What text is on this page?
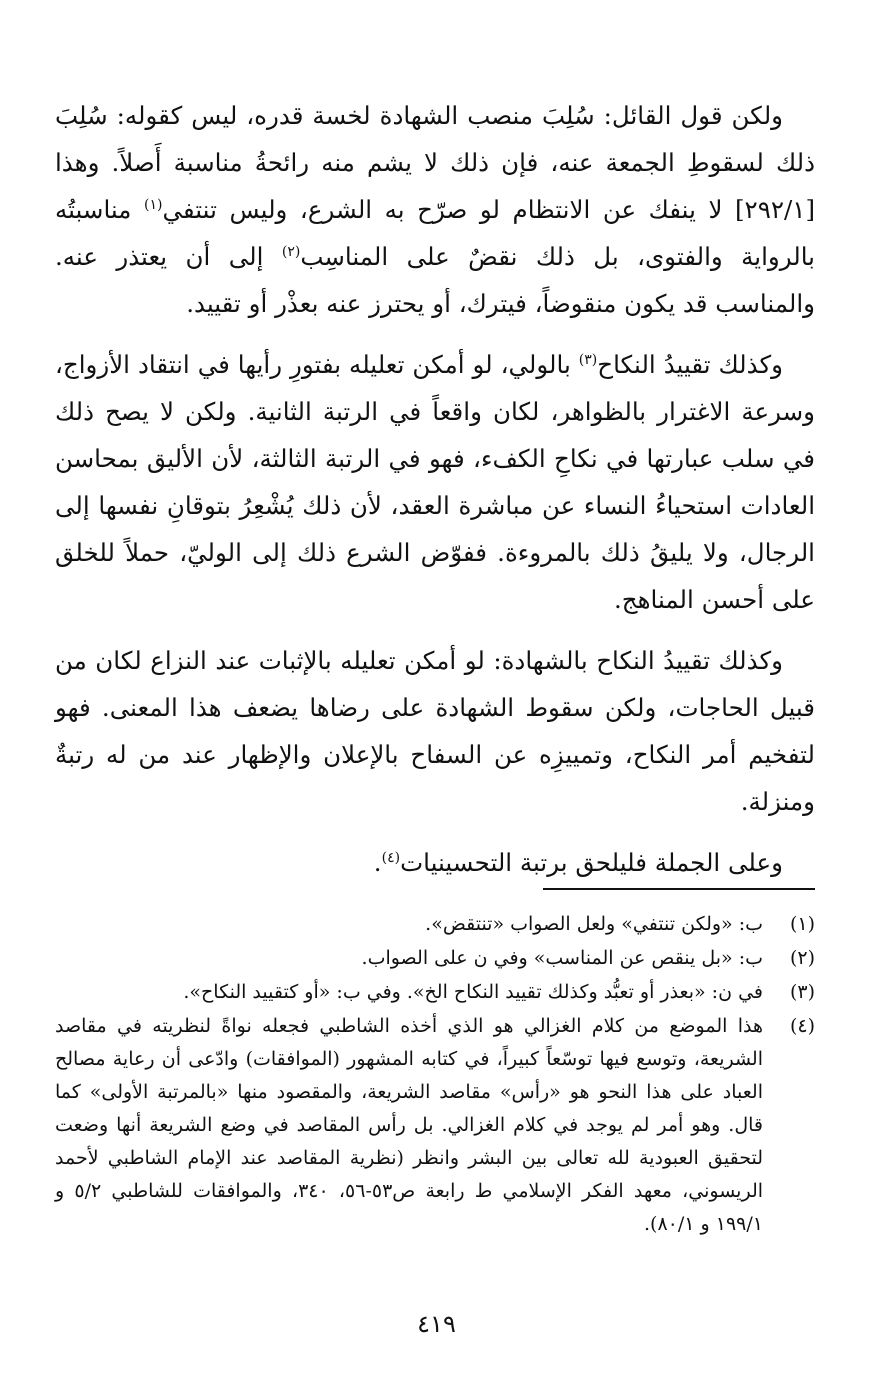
ولكن قول القائل: سُلِبَ منصب الشهادة لخسة قدره، ليس كقوله: سُلِبَ ذلك لسقوطِ الجمعة عنه، فإن ذلك لا يشم منه رائحةُ مناسبة أَصلاً. وهذا [٢٩٢/١] لا ينفك عن الانتظام لو صرّح به الشرع، وليس تنتفي$^{(١)}$ مناسبتُه بالرواية والفتوى، بل ذلك نقضٌ على المناسِب$^{(٢)}$ إلى أن يعتذر عنه. والمناسب قد يكون منقوضاً، فيترك، أو يحترز عنه بعذْر أو تقييد.

وكذلك تقييدُ النكاح$^{(٣)}$ بالولي، لو أمكن تعليله بفتورِ رأيها في انتقاد الأزواج، وسرعة الاغترار بالظواهر، لكان واقعاً في الرتبة الثانية. ولكن لا يصح ذلك في سلب عبارتها في نكاحِ الكفء، فهو في الرتبة الثالثة، لأن الأليق بمحاسن العادات استحياءُ النساء عن مباشرة العقد، لأن ذلك يُشْعِرُ بتوقانِ نفسها إلى الرجال، ولا يليقُ ذلك بالمروءة. ففوّض الشرع ذلك إلى الوليّ، حملاً للخلق على أحسن المناهج.

وكذلك تقييدُ النكاح بالشهادة: لو أمكن تعليله بالإثبات عند النزاع لكان من قبيل الحاجات، ولكن سقوط الشهادة على رضاها يضعف هذا المعنى. فهو لتفخيم أمر النكاح، وتمييزِه عن السفاح بالإعلان والإظهار عند من له رتبةٌ ومنزلة.

وعلى الجملة فليلحق برتبة التحسينيات$^{(٤)}$.

(١)
ب: «ولكن تنتفي» ولعل الصواب «تنتقض».
(٢)
ب: «بل ينقص عن المناسب» وفي ن على الصواب.
(٣)
في ن: «بعذر أو تعبُّد وكذلك تقييد النكاح الخ». وفي ب: «أو كتقييد النكاح».
(٤)
هذا الموضع من كلام الغزالي هو الذي أخذه الشاطبي فجعله نواةً لنظريته في مقاصد الشريعة، وتوسع فيها توسّعاً كبيراً، في كتابه المشهور (الموافقات) وادّعى أن رعاية مصالح العباد على هذا النحو هو «رأس» مقاصد الشريعة، والمقصود منها «بالمرتبة الأولى» كما قال. وهو أمر لم يوجد في كلام الغزالي. بل رأس المقاصد في وضع الشريعة أنها وضعت لتحقيق العبودية لله تعالى بين البشر وانظر (نظرية المقاصد عند الإمام الشاطبي لأحمد الريسوني، معهد الفكر الإسلامي ط رابعة ص٥٣-٥٦، ٣٤٠، والموافقات للشاطبي ٥/٢ و ١٩٩/١ و ٨٠/١).
٤١٩
